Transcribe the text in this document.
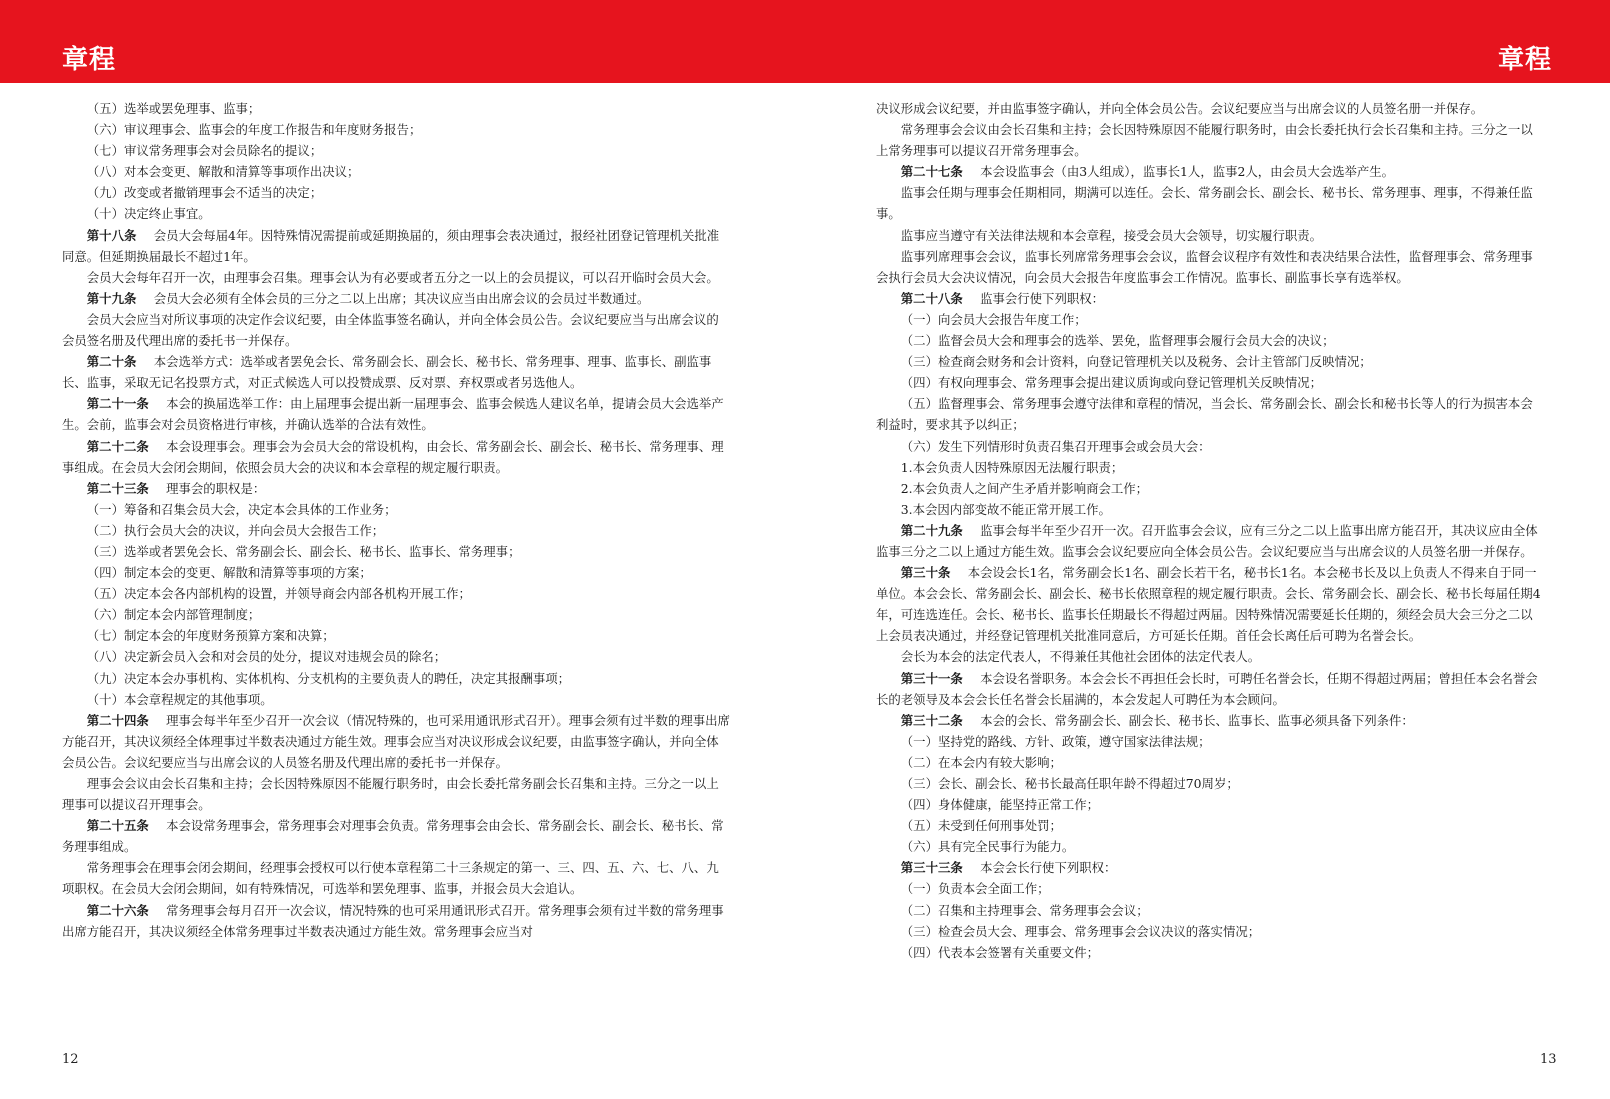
章程	章程

（五）选举或罢免理事、监事；

（六）审议理事会、监事会的年度工作报告和年度财务报告；

（七）审议常务理事会对会员除名的提议；

（八）对本会变更、解散和清算等事项作出决议；

（九）改变或者撤销理事会不适当的决定；

（十）决定终止事宜。

第十八条 会员大会每届4年。因特殊情况需提前或延期换届的，须由理事会表决通过，报经社团登记管理机关批准同意。但延期换届最长不超过1年。

会员大会每年召开一次，由理事会召集。理事会认为有必要或者五分之一以上的会员提议，可以召开临时会员大会。

第十九条 会员大会必须有全体会员的三分之二以上出席；其决议应当由出席会议的会员过半数通过。

会员大会应当对所议事项的决定作会议纪要，由全体监事签名确认，并向全体会员公告。会议纪要应当与出席会议的会员签名册及代理出席的委托书一并保存。

第二十条 本会选举方式：选举或者罢免会长、常务副会长、副会长、秘书长、常务理事、理事、监事长、副监事长、监事，采取无记名投票方式，对正式候选人可以投赞成票、反对票、弃权票或者另选他人。

第二十一条 本会的换届选举工作：由上届理事会提出新一届理事会、监事会候选人建议名单，提请会员大会选举产生。会前，监事会对会员资格进行审核，并确认选举的合法有效性。

第二十二条 本会设理事会。理事会为会员大会的常设机构，由会长、常务副会长、副会长、秘书长、常务理事、理事组成。在会员大会闭会期间，依照会员大会的决议和本会章程的规定履行职责。

第二十三条 理事会的职权是：

（一）筹备和召集会员大会，决定本会具体的工作业务；

（二）执行会员大会的决议，并向会员大会报告工作；

（三）选举或者罢免会长、常务副会长、副会长、秘书长、监事长、常务理事；

（四）制定本会的变更、解散和清算等事项的方案；

（五）决定本会各内部机构的设置，并领导商会内部各机构开展工作；

（六）制定本会内部管理制度；

（七）制定本会的年度财务预算方案和决算；

（八）决定新会员入会和对会员的处分，提议对违规会员的除名；

（九）决定本会办事机构、实体机构、分支机构的主要负责人的聘任，决定其报酬事项；

（十）本会章程规定的其他事项。

第二十四条 理事会每半年至少召开一次会议（情况特殊的，也可采用通讯形式召开）。理事会须有过半数的理事出席方能召开，其决议须经全体理事过半数表决通过方能生效。理事会应当对决议形成会议纪要，由监事签字确认，并向全体会员公告。会议纪要应当与出席会议的人员签名册及代理出席的委托书一并保存。

理事会会议由会长召集和主持；会长因特殊原因不能履行职务时，由会长委托常务副会长召集和主持。三分之一以上理事可以提议召开理事会。

第二十五条 本会设常务理事会，常务理事会对理事会负责。常务理事会由会长、常务副会长、副会长、秘书长、常务理事组成。

常务理事会在理事会闭会期间，经理事会授权可以行使本章程第二十三条规定的第一、三、四、五、六、七、八、九项职权。在会员大会闭会期间，如有特殊情况，可选举和罢免理事、监事，并报会员大会追认。

第二十六条 常务理事会每月召开一次会议，情况特殊的也可采用通讯形式召开。常务理事会须有过半数的常务理事出席方能召开，其决议须经全体常务理事过半数表决通过方能生效。常务理事会应当对

决议形成会议纪要，并由监事签字确认，并向全体会员公告。会议纪要应当与出席会议的人员签名册一并保存。

常务理事会会议由会长召集和主持；会长因特殊原因不能履行职务时，由会长委托执行会长召集和主持。三分之一以上常务理事可以提议召开常务理事会。

第二十七条 本会设监事会（由3人组成），监事长1人，监事2人，由会员大会选举产生。

监事会任期与理事会任期相同，期满可以连任。会长、常务副会长、副会长、秘书长、常务理事、理事，不得兼任监事。

监事应当遵守有关法律法规和本会章程，接受会员大会领导，切实履行职责。

监事列席理事会会议，监事长列席常务理事会会议，监督会议程序有效性和表决结果合法性，监督理事会、常务理事会执行会员大会决议情况，向会员大会报告年度监事会工作情况。监事长、副监事长享有选举权。

第二十八条 监事会行使下列职权：

（一）向会员大会报告年度工作；

（二）监督会员大会和理事会的选举、罢免，监督理事会履行会员大会的决议；

（三）检查商会财务和会计资料，向登记管理机关以及税务、会计主管部门反映情况；

（四）有权向理事会、常务理事会提出建议质询或向登记管理机关反映情况；

（五）监督理事会、常务理事会遵守法律和章程的情况，当会长、常务副会长、副会长和秘书长等人的行为损害本会利益时，要求其予以纠正；

（六）发生下列情形时负责召集召开理事会或会员大会：

1.本会负责人因特殊原因无法履行职责；

2.本会负责人之间产生矛盾并影响商会工作；

3.本会因内部变故不能正常开展工作。

第二十九条 监事会每半年至少召开一次。召开监事会会议，应有三分之二以上监事出席方能召开，其决议应由全体监事三分之二以上通过方能生效。监事会会议纪要应向全体会员公告。会议纪要应当与出席会议的人员签名册一并保存。

第三十条 本会设会长1名，常务副会长1名、副会长若干名，秘书长1名。本会秘书长及以上负责人不得来自于同一单位。本会会长、常务副会长、副会长、秘书长依照章程的规定履行职责。会长、常务副会长、副会长、秘书长每届任期4年，可连选连任。会长、秘书长、监事长任期最长不得超过两届。因特殊情况需要延长任期的，须经会员大会三分之二以上会员表决通过，并经登记管理机关批准同意后，方可延长任期。首任会长离任后可聘为名誉会长。

会长为本会的法定代表人，不得兼任其他社会团体的法定代表人。

第三十一条 本会设名誉职务。本会会长不再担任会长时，可聘任名誉会长，任期不得超过两届；曾担任本会名誉会长的老领导及本会会长任名誉会长届满的，本会发起人可聘任为本会顾问。

第三十二条 本会的会长、常务副会长、副会长、秘书长、监事长、监事必须具备下列条件：

（一）坚持党的路线、方针、政策，遵守国家法律法规；

（二）在本会内有较大影响；

（三）会长、副会长、秘书长最高任职年龄不得超过70周岁；

（四）身体健康，能坚持正常工作；

（五）未受到任何刑事处罚；

（六）具有完全民事行为能力。

第三十三条 本会会长行使下列职权：

（一）负责本会全面工作；

（二）召集和主持理事会、常务理事会会议；

（三）检查会员大会、理事会、常务理事会会议决议的落实情况；

（四）代表本会签署有关重要文件；

12	13
